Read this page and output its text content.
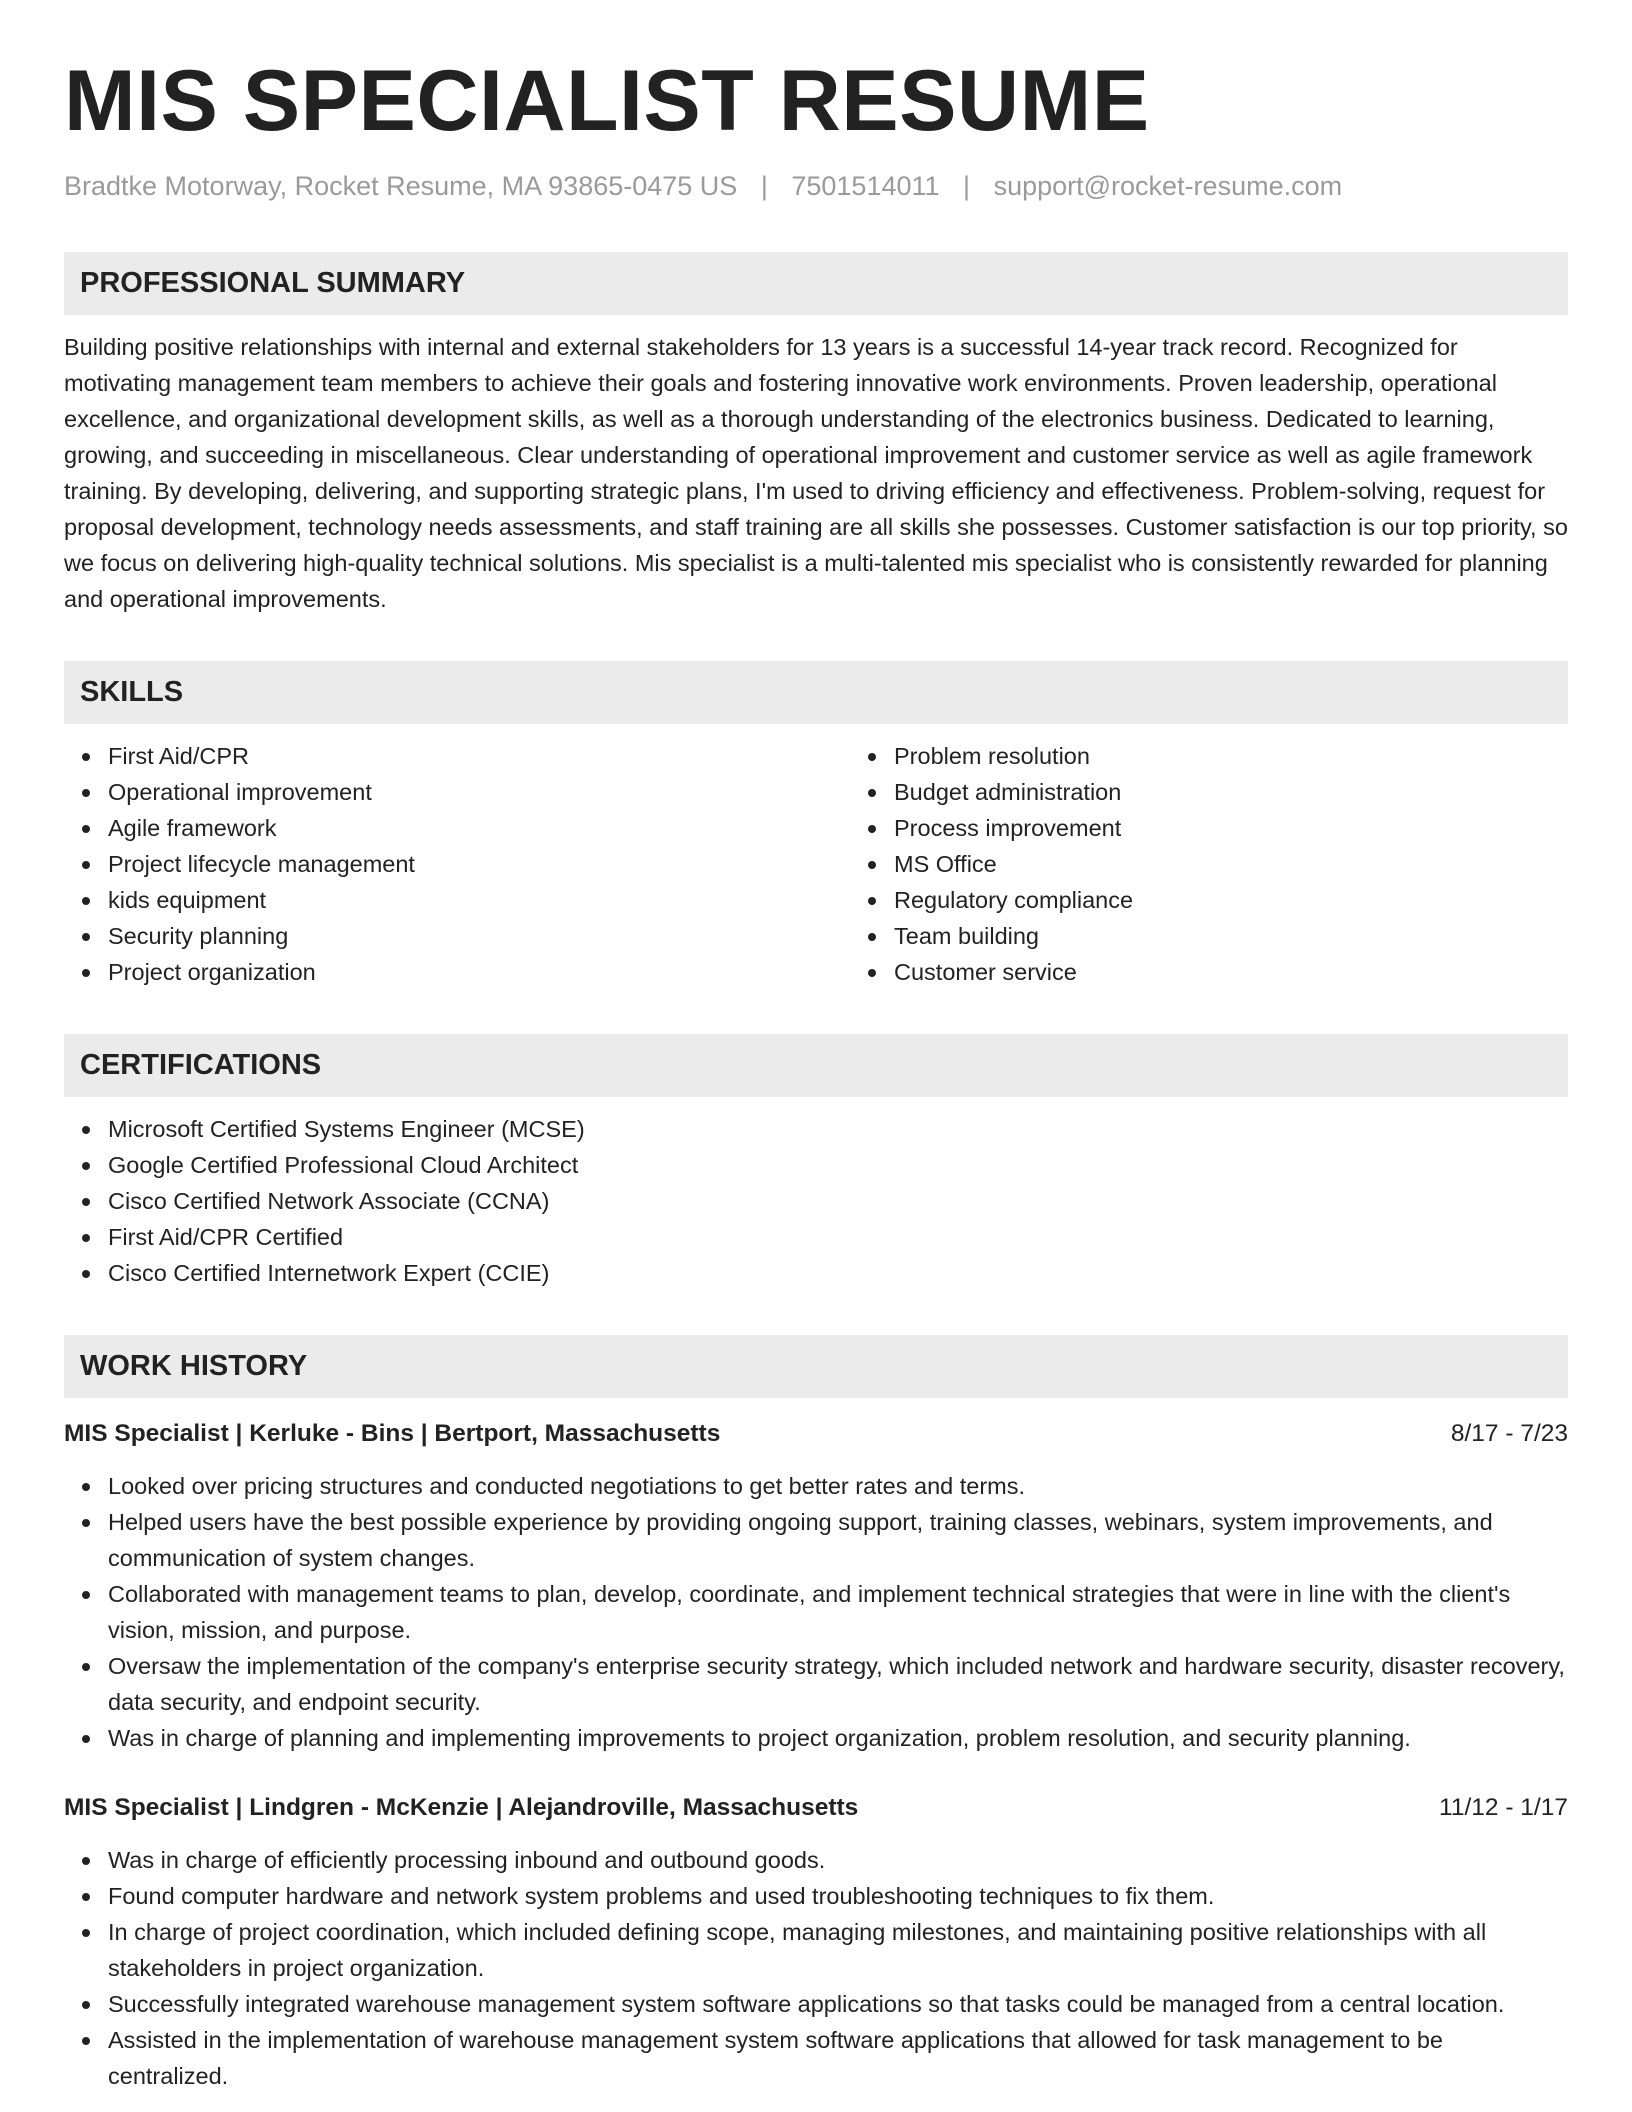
MIS SPECIALIST RESUME
Bradtke Motorway, Rocket Resume, MA 93865-0475 US | 7501514011 | support@rocket-resume.com
PROFESSIONAL SUMMARY

Building positive relationships with internal and external stakeholders for 13 years is a successful 14-year track record. Recognized for motivating management team members to achieve their goals and fostering innovative work environments. Proven leadership, operational excellence, and organizational development skills, as well as a thorough understanding of the electronics business. Dedicated to learning, growing, and succeeding in miscellaneous. Clear understanding of operational improvement and customer service as well as agile framework training. By developing, delivering, and supporting strategic plans, I'm used to driving efficiency and effectiveness. Problem-solving, request for proposal development, technology needs assessments, and staff training are all skills she possesses. Customer satisfaction is our top priority, so we focus on delivering high-quality technical solutions. Mis specialist is a multi-talented mis specialist who is consistently rewarded for planning and operational improvements.

SKILLS
First Aid/CPR
Operational improvement
Agile framework
Project lifecycle management
kids equipment
Security planning
Project organization
Problem resolution
Budget administration
Process improvement
MS Office
Regulatory compliance
Team building
Customer service
CERTIFICATIONS
Microsoft Certified Systems Engineer (MCSE)
Google Certified Professional Cloud Architect
Cisco Certified Network Associate (CCNA)
First Aid/CPR Certified
Cisco Certified Internetwork Expert (CCIE)
WORK HISTORY
MIS Specialist | Kerluke - Bins | Bertport, Massachusetts	8/17 - 7/23
Looked over pricing structures and conducted negotiations to get better rates and terms.
Helped users have the best possible experience by providing ongoing support, training classes, webinars, system improvements, and communication of system changes.
Collaborated with management teams to plan, develop, coordinate, and implement technical strategies that were in line with the client's vision, mission, and purpose.
Oversaw the implementation of the company's enterprise security strategy, which included network and hardware security, disaster recovery, data security, and endpoint security.
Was in charge of planning and implementing improvements to project organization, problem resolution, and security planning.
MIS Specialist | Lindgren - McKenzie | Alejandroville, Massachusetts	11/12 - 1/17
Was in charge of efficiently processing inbound and outbound goods.
Found computer hardware and network system problems and used troubleshooting techniques to fix them.
In charge of project coordination, which included defining scope, managing milestones, and maintaining positive relationships with all stakeholders in project organization.
Successfully integrated warehouse management system software applications so that tasks could be managed from a central location.
Assisted in the implementation of warehouse management system software applications that allowed for task management to be centralized.
